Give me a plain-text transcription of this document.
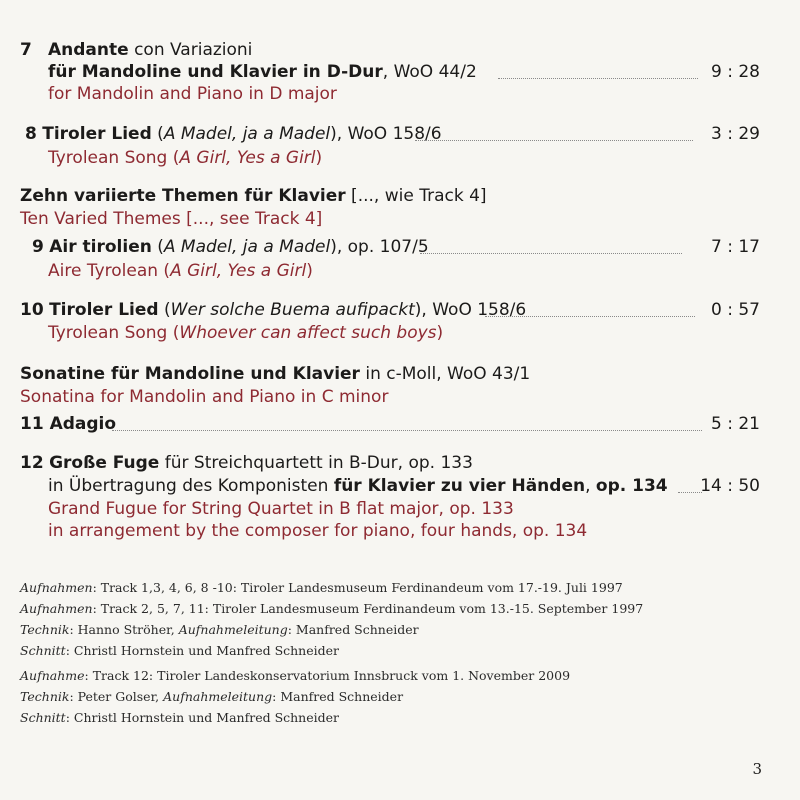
7 Andante con Variazioni
für Mandoline und Klavier in D-Dur, WoO 44/2	9 : 28
for Mandolin and Piano in D major
8 Tiroler Lied (A Madel, ja a Madel), WoO 158/6	3 : 29
Tyrolean Song (A Girl, Yes a Girl)
Zehn variierte Themen für Klavier [..., wie Track 4]
Ten Varied Themes [..., see Track 4]
9 Air tirolien (A Madel, ja a Madel), op. 107/5	7 : 17
Aire Tyrolean (A Girl, Yes a Girl)
10 Tiroler Lied (Wer solche Buema aufipackt), WoO 158/6	0 : 57
Tyrolean Song (Whoever can affect such boys)
Sonatine für Mandoline und Klavier in c-Moll, WoO 43/1
Sonatina for Mandolin and Piano in C minor
11 Adagio	5 : 21
12 Große Fuge für Streichquartett in B-Dur, op. 133
in Übertragung des Komponisten für Klavier zu vier Händen, op. 134 14 : 50
Grand Fugue for String Quartet in B flat major, op. 133
in arrangement by the composer for piano, four hands, op. 134
Aufnahmen: Track 1,3, 4, 6, 8 -10: Tiroler Landesmuseum Ferdinandeum vom 17.-19. Juli 1997
Aufnahmen: Track 2, 5, 7, 11: Tiroler Landesmuseum Ferdinandeum vom 13.-15. September 1997
Technik: Hanno Ströher, Aufnahmeleitung: Manfred Schneider
Schnitt: Christl Hornstein und Manfred Schneider
Aufnahme: Track 12: Tiroler Landeskonservatorium Innsbruck vom 1. November 2009
Technik: Peter Golser, Aufnahmeleitung: Manfred Schneider
Schnitt: Christl Hornstein und Manfred Schneider
3
